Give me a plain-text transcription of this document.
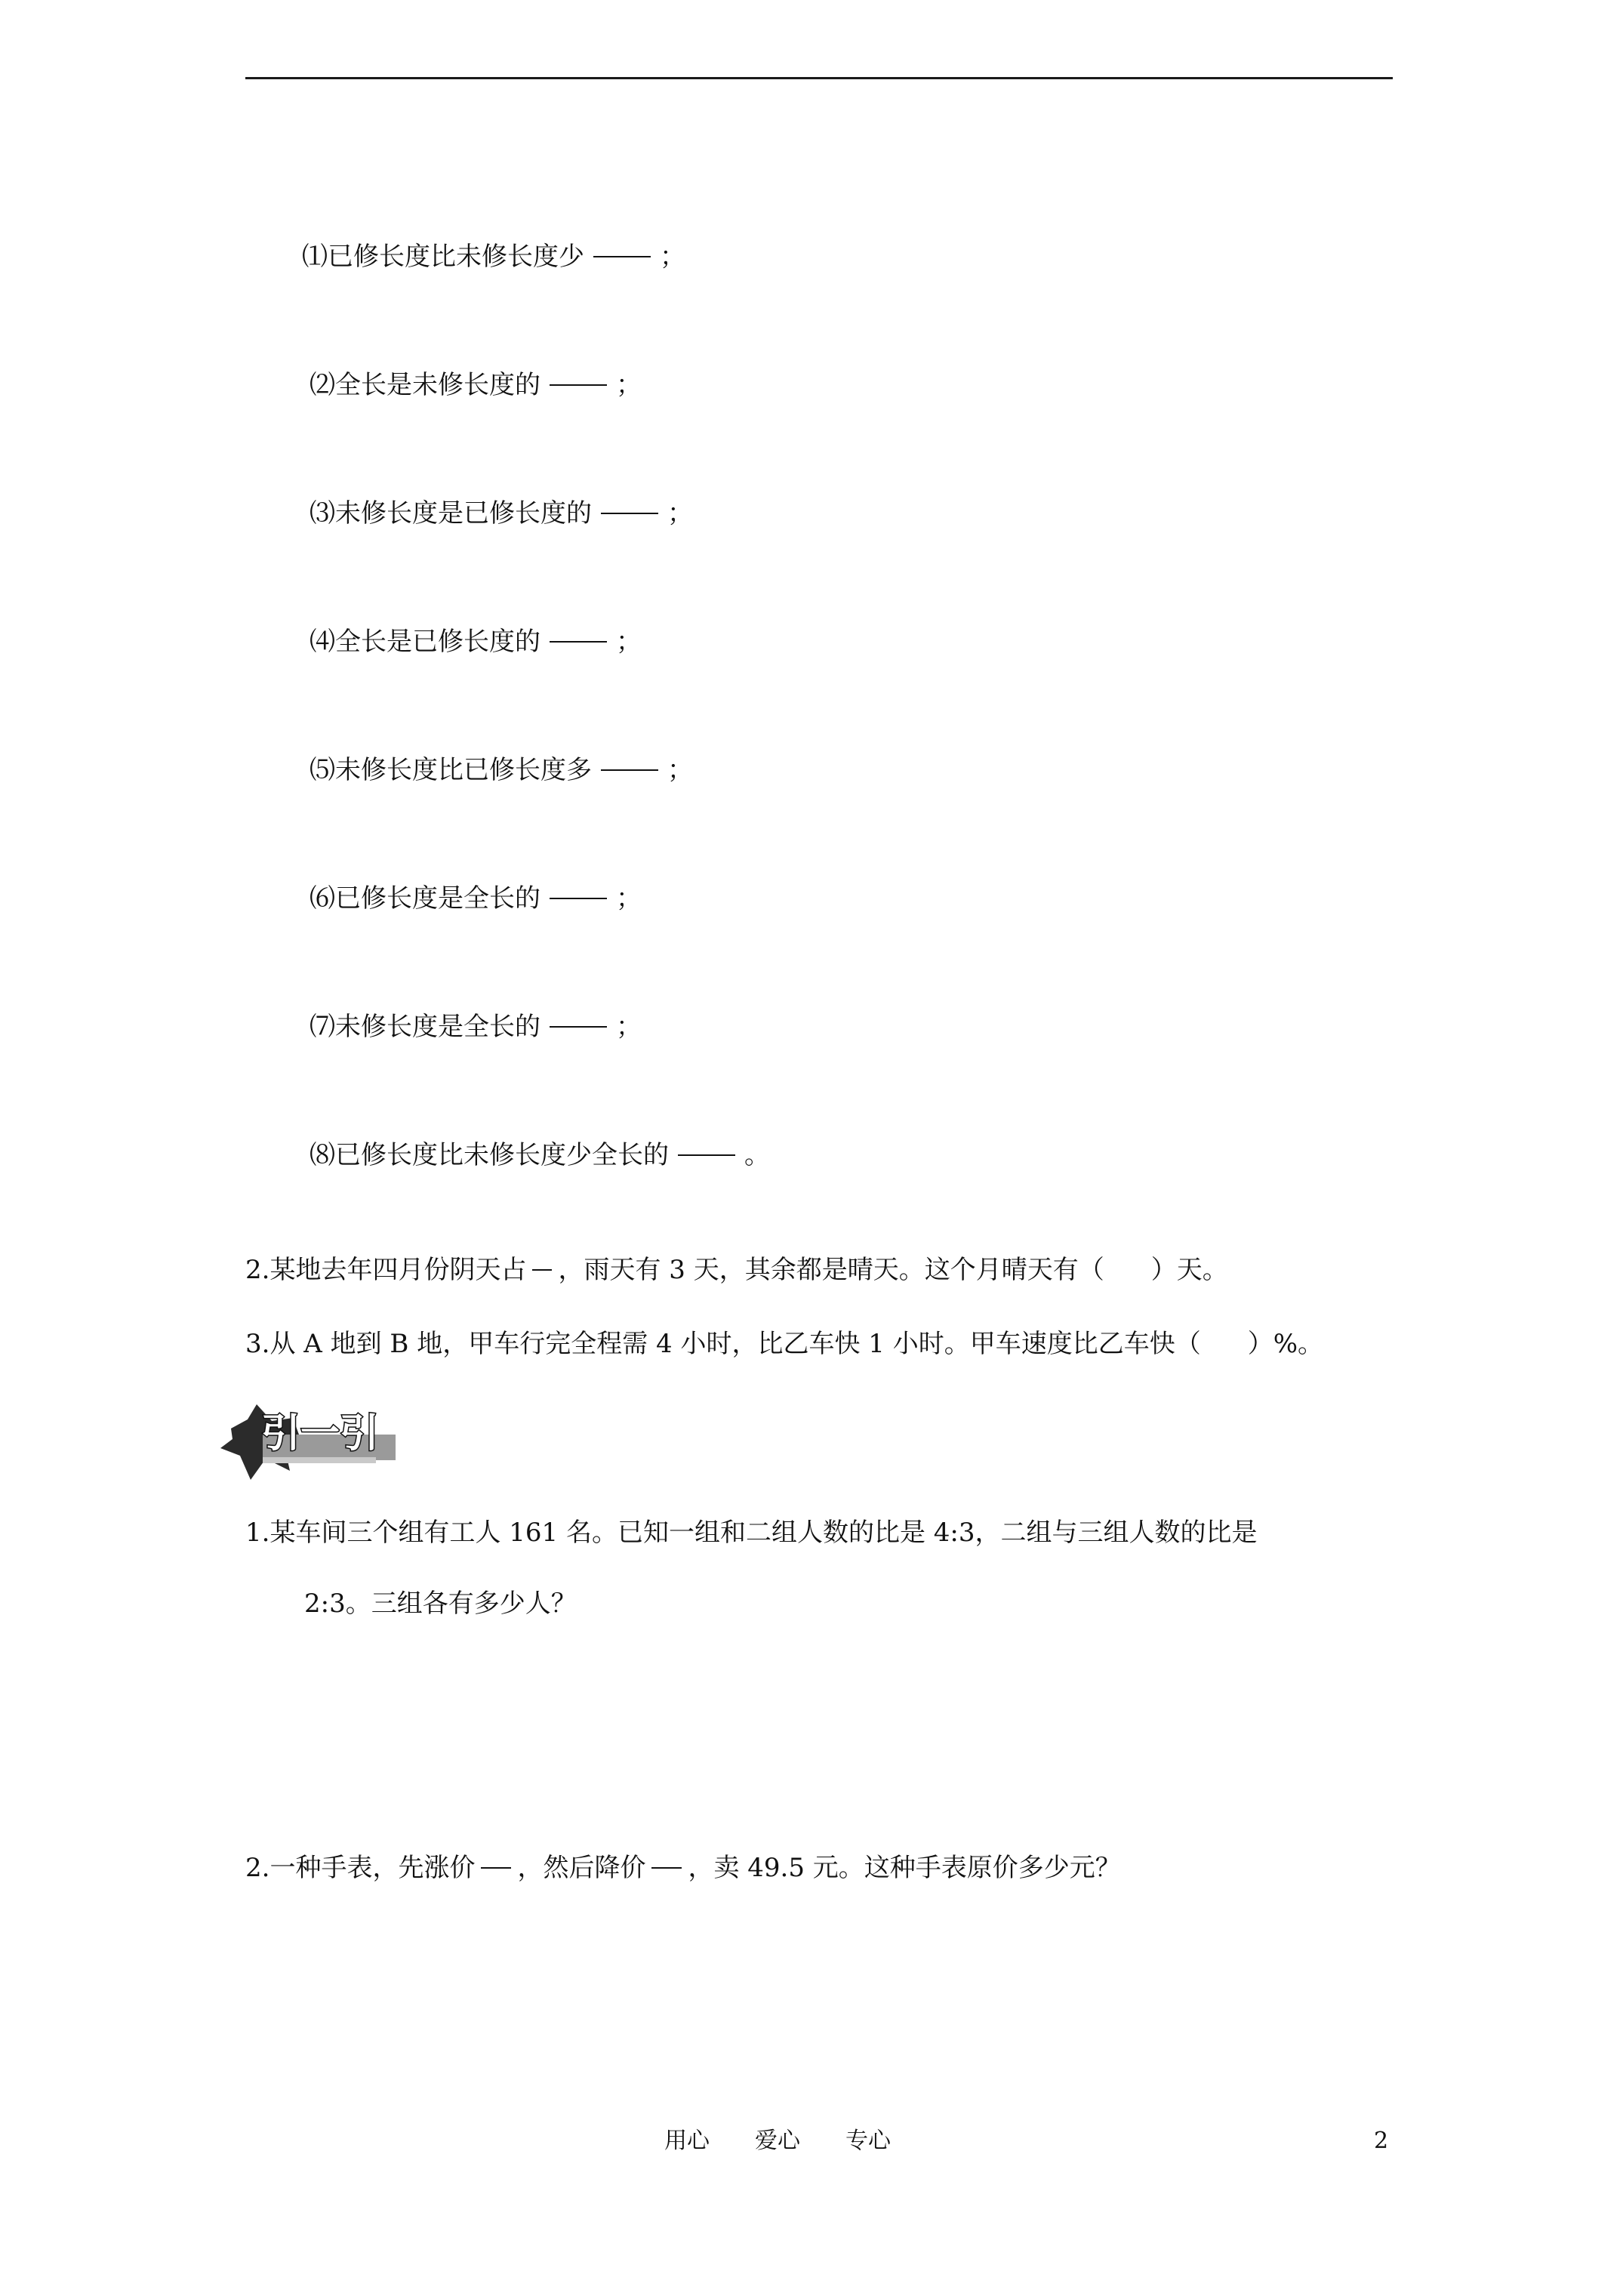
⑴已修长度比未修长度少	；
⑵全长是未修长度的	；
⑶未修长度是已修长度的	；
⑷全长是已修长度的	；
⑸未修长度比已修长度多	；
⑹已修长度是全长的	；
⑺未修长度是全长的	；
⑻已修长度比未修长度少全长的	。
2.某地去年四月份阴天占 ，雨天有 3 天，其余都是晴天。这个月晴天有（ ）天。
3.从 A 地到 B 地，甲车行完全程需 4 小时，比乙车快 1 小时。甲车速度比乙车快（ ）%。
引一引
1.某车间三个组有工人 161 名。已知一组和二组人数的比是 4:3，二组与三组人数的比是
2:3。三组各有多少人？
2.一种手表，先涨价 ，然后降价 ，卖 49.5 元。这种手表原价多少元？
用心 爱心 专心	2
